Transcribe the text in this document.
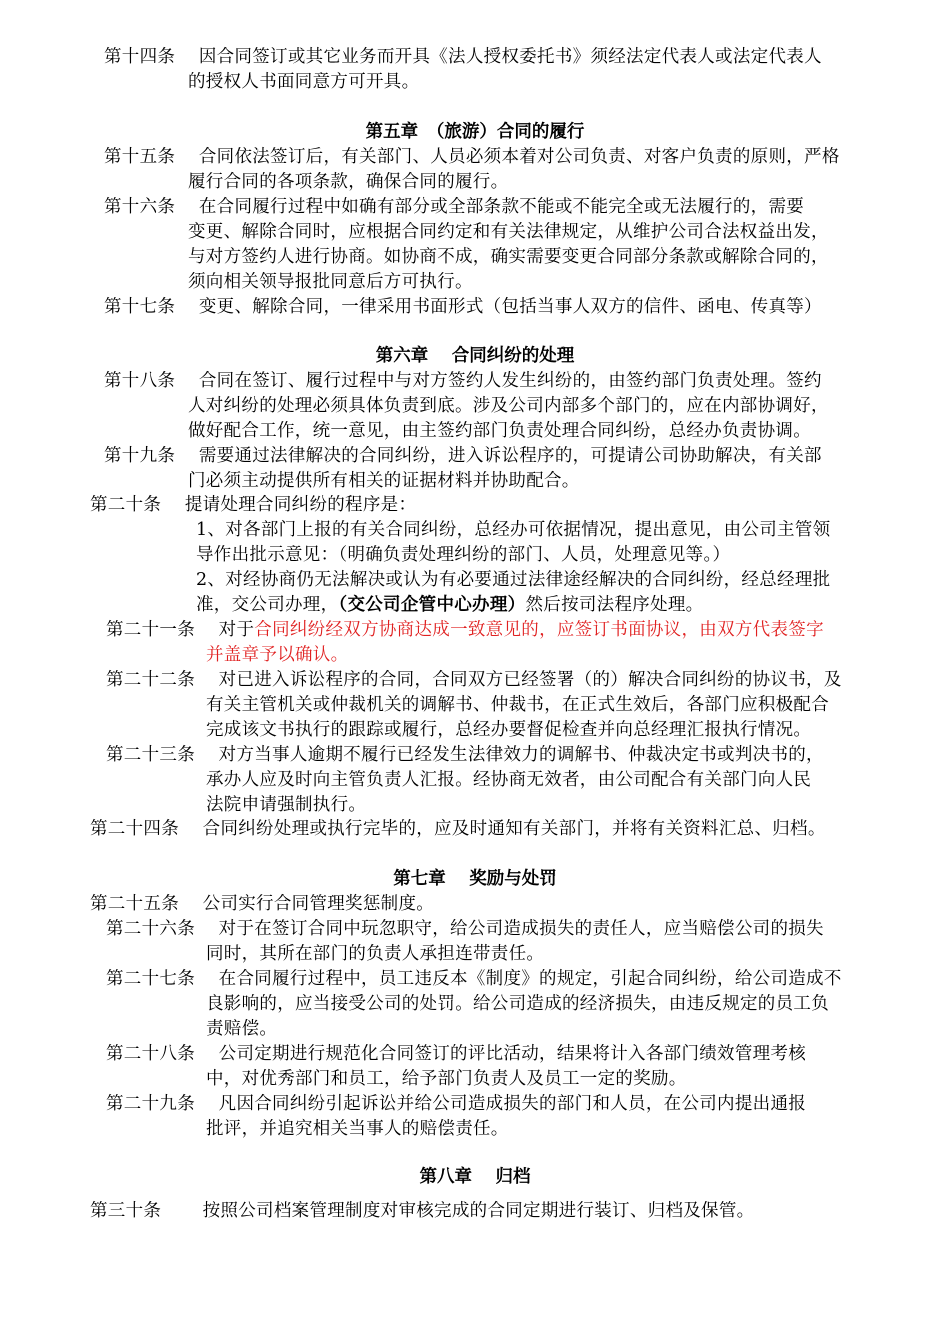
第十四条　 因合同签订或其它业务而开具《法人授权委托书》须经法定代表人或法定代表人
的授权人书面同意方可开具。
第五章　（旅游）合同的履行
第十五条　 合同依法签订后，有关部门、人员必须本着对公司负责、对客户负责的原则，严格
履行合同的各项条款，确保合同的履行。
第十六条　 在合同履行过程中如确有部分或全部条款不能或不能完全或无法履行的，需要
变更、解除合同时，应根据合同约定和有关法律规定，从维护公司合法权益出发，
与对方签约人进行协商。如协商不成，确实需要变更合同部分条款或解除合同的，
须向相关领导报批同意后方可执行。
第十七条　 变更、解除合同，一律采用书面形式（包括当事人双方的信件、函电、传真等）
第六章　 合同纠纷的处理
第十八条　 合同在签订、履行过程中与对方签约人发生纠纷的，由签约部门负责处理。签约
人对纠纷的处理必须具体负责到底。涉及公司内部多个部门的，应在内部协调好，
做好配合工作，统一意见，由主签约部门负责处理合同纠纷，总经办负责协调。
第十九条　 需要通过法律解决的合同纠纷，进入诉讼程序的，可提请公司协助解决，有关部
门必须主动提供所有相关的证据材料并协助配合。
第二十条　 提请处理合同纠纷的程序是：
1、对各部门上报的有关合同纠纷，总经办可依据情况，提出意见，由公司主管领
导作出批示意见：（明确负责处理纠纷的部门、人员，处理意见等。）
2、对经协商仍无法解决或认为有必要通过法律途经解决的合同纠纷，经总经理批
准，交公司办理，（交公司企管中心办理）然后按司法程序处理。
第二十一条　 对于合同纠纷经双方协商达成一致意见的，应签订书面协议，由双方代表签字
并盖章予以确认。
第二十二条　 对已进入诉讼程序的合同，合同双方已经签署（的）解决合同纠纷的协议书，及
有关主管机关或仲裁机关的调解书、仲裁书，在正式生效后，各部门应积极配合
完成该文书执行的跟踪或履行，总经办要督促检查并向总经理汇报执行情况。
第二十三条　 对方当事人逾期不履行已经发生法律效力的调解书、仲裁决定书或判决书的，
承办人应及时向主管负责人汇报。经协商无效者，由公司配合有关部门向人民
法院申请强制执行。
第二十四条　 合同纠纷处理或执行完毕的，应及时通知有关部门，并将有关资料汇总、归档。
第七章　 奖励与处罚
第二十五条　 公司实行合同管理奖惩制度。
第二十六条　 对于在签订合同中玩忽职守，给公司造成损失的责任人，应当赔偿公司的损失
同时，其所在部门的负责人承担连带责任。
第二十七条　 在合同履行过程中，员工违反本《制度》的规定，引起合同纠纷，给公司造成不
良影响的，应当接受公司的处罚。给公司造成的经济损失，由违反规定的员工负
责赔偿。
第二十八条　 公司定期进行规范化合同签订的评比活动，结果将计入各部门绩效管理考核
中，对优秀部门和员工，给予部门负责人及员工一定的奖励。
第二十九条　 凡因合同纠纷引起诉讼并给公司造成损失的部门和人员，在公司内提出通报
批评，并追究相关当事人的赔偿责任。
第八章　 归档
第三十条　　 按照公司档案管理制度对审核完成的合同定期进行装订、归档及保管。
